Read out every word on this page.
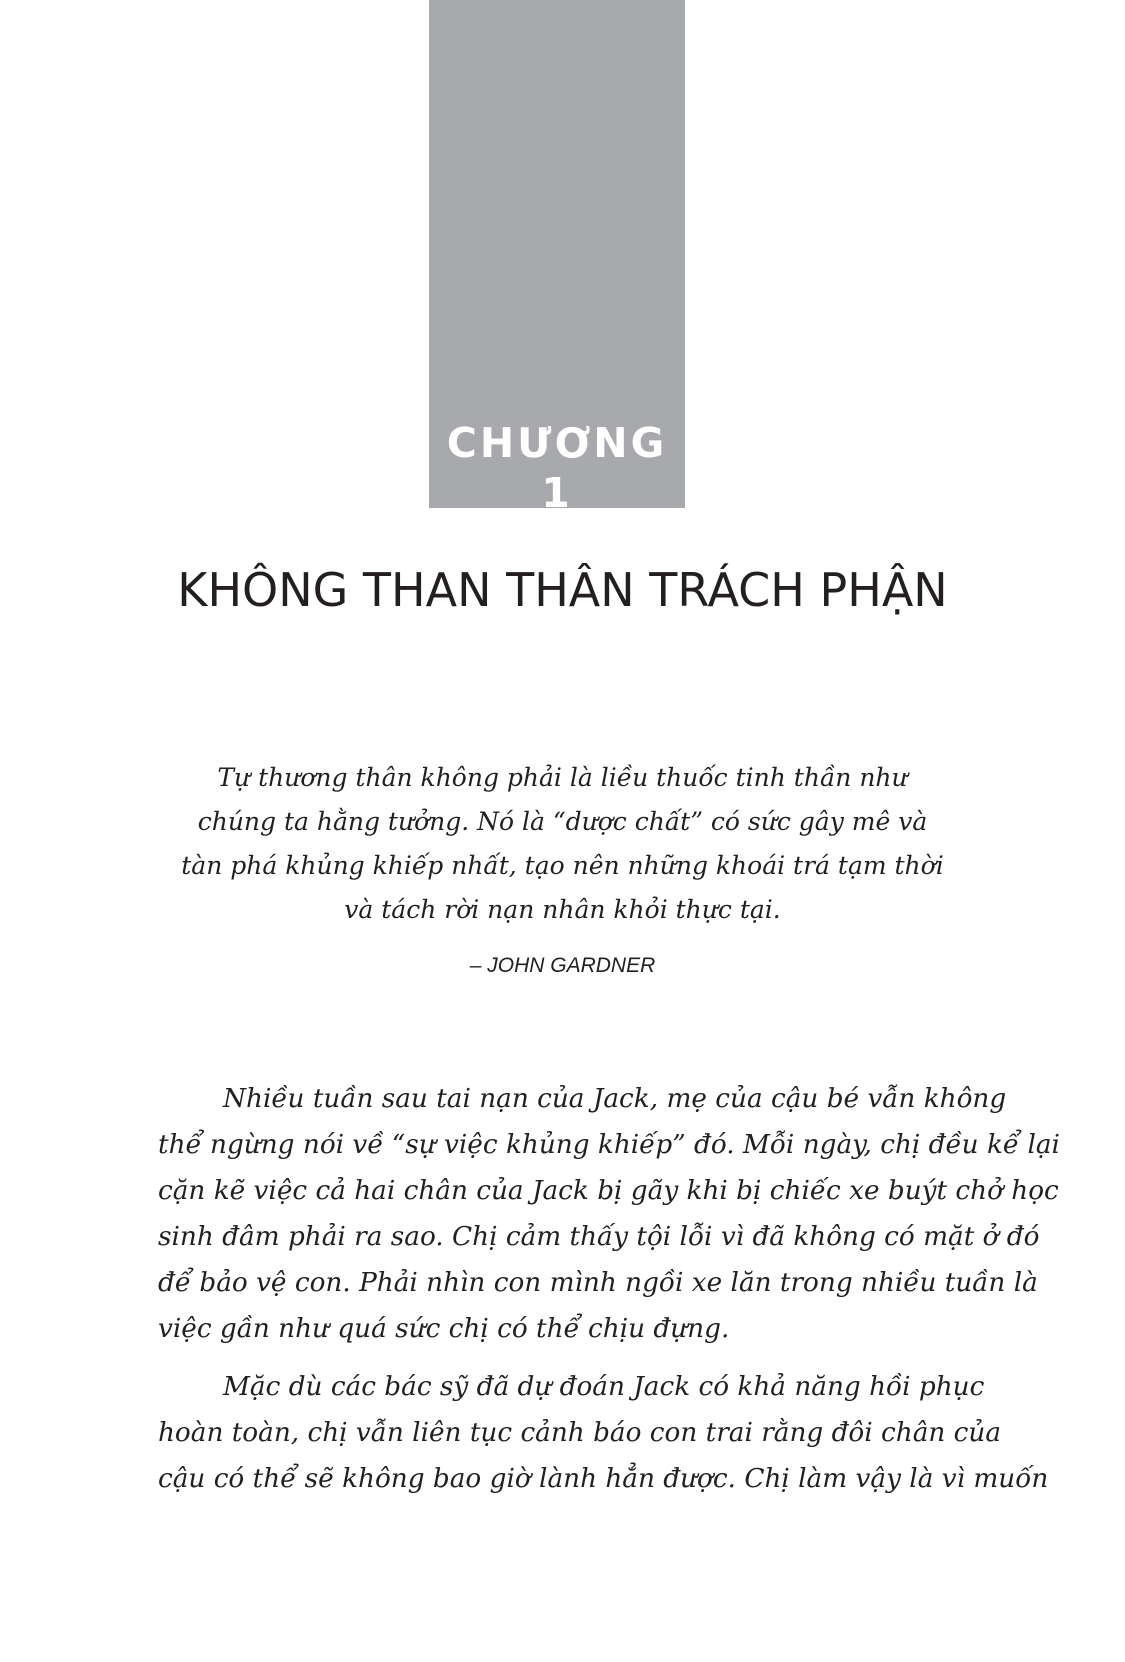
CHƯƠNG 1
KHÔNG THAN THÂN TRÁCH PHẬN
Tự thương thân không phải là liều thuốc tinh thần như
chúng ta hằng tưởng. Nó là “dược chất” có sức gây mê và
tàn phá khủng khiếp nhất, tạo nên những khoái trá tạm thời
và tách rời nạn nhân khỏi thực tại.
– JOHN GARDNER
Nhiều tuần sau tai nạn của Jack, mẹ của cậu bé vẫn không
thể ngừng nói về “sự việc khủng khiếp” đó. Mỗi ngày, chị đều kể lại
cặn kẽ việc cả hai chân của Jack bị gãy khi bị chiếc xe buýt chở học
sinh đâm phải ra sao. Chị cảm thấy tội lỗi vì đã không có mặt ở đó
để bảo vệ con. Phải nhìn con mình ngồi xe lăn trong nhiều tuần là
việc gần như quá sức chị có thể chịu đựng.
Mặc dù các bác sỹ đã dự đoán Jack có khả năng hồi phục
hoàn toàn, chị vẫn liên tục cảnh báo con trai rằng đôi chân của
cậu có thể sẽ không bao giờ lành hẳn được. Chị làm vậy là vì muốn
